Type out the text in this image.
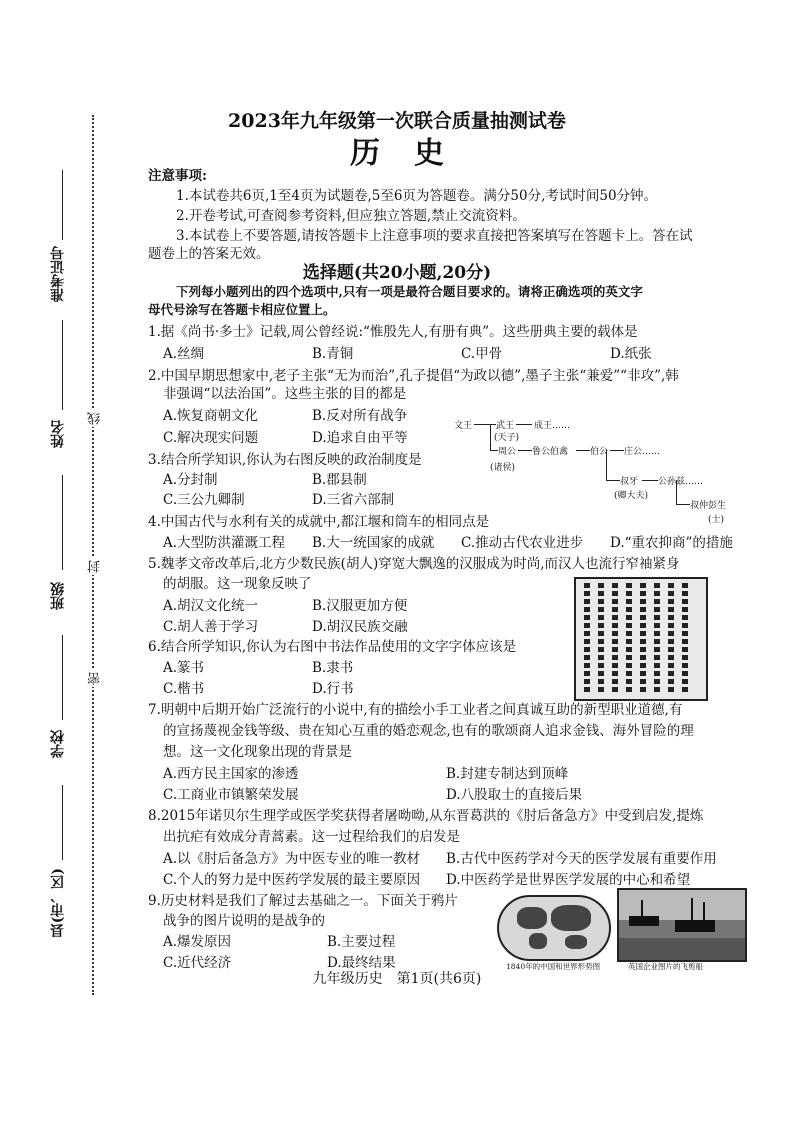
准考证号
姓名
班级
学校
县(市、区)
线
封
密
2023年九年级第一次联合质量抽测试卷
历史
注意事项:
1.本试卷共6页,1至4页为试题卷,5至6页为答题卷。满分50分,考试时间50分钟。
2.开卷考试,可查阅参考资料,但应独立答题,禁止交流资料。
3.本试卷上不要答题,请按答题卡上注意事项的要求直接把答案填写在答题卡上。答在试
题卷上的答案无效。
选择题(共20小题,20分)
下列每小题列出的四个选项中,只有一项是最符合题目要求的。请将正确选项的英文字
母代号涂写在答题卡相应位置上。
1.据《尚书·多士》记载,周公曾经说:“惟殷先人,有册有典”。这些册典主要的载体是
A.丝绸	B.青铜	C.甲骨	D.纸张
2.中国早期思想家中,老子主张“无为而治”,孔子提倡“为政以德”,墨子主张“兼爱”“非攻”,韩
非强调“以法治国”。这些主张的目的都是
A.恢复商朝文化	B.反对所有战争
C.解决现实问题	D.追求自由平等
3.结合所学知识,你认为右图反映的政治制度是
A.分封制	B.郡县制
C.三公九卿制	D.三省六部制
文王	武王 成王……
(天子)
周公 鲁公伯禽 伯公 庄公……
(诸侯)
叔牙 公孙兹……
(卿大夫)
叔仲彭生
(士)
4.中国古代与水利有关的成就中,都江堰和筒车的相同点是
A.大型防洪灌溉工程 B.大一统国家的成就 C.推动古代农业进步 D.“重农抑商”的措施
5.魏孝文帝改革后,北方少数民族(胡人)穿宽大飘逸的汉服成为时尚,而汉人也流行窄袖紧身
的胡服。这一现象反映了
A.胡汉文化统一	B.汉服更加方便
C.胡人善于学习	D.胡汉民族交融
6.结合所学知识,你认为右图中书法作品使用的文字字体应该是
A.篆书	B.隶书
C.楷书	D.行书
7.明朝中后期开始广泛流行的小说中,有的描绘小手工业者之间真诚互助的新型职业道德,有
的宣扬蔑视金钱等级、贵在知心互重的婚恋观念,也有的歌颂商人追求金钱、海外冒险的理
想。这一文化现象出现的背景是
A.西方民主国家的渗透	B.封建专制达到顶峰
C.工商业市镇繁荣发展	D.八股取士的直接后果
8.2015年诺贝尔生理学或医学奖获得者屠呦呦,从东晋葛洪的《肘后备急方》中受到启发,提炼
出抗疟有效成分青蒿素。这一过程给我们的启发是
A.以《肘后备急方》为中医专业的唯一教材 B.古代中医药学对今天的医学发展有重要作用
C.个人的努力是中医药学发展的最主要原因 D.中医药学是世界医学发展的中心和希望
9.历史材料是我们了解过去基础之一。下面关于鸦片
战争的图片说明的是战争的
A.爆发原因	B.主要过程
C.近代经济	D.最终结果	1840年的中国和世界形势图	英国企业图片的飞剪船
九年级历史　第1页(共6页)
